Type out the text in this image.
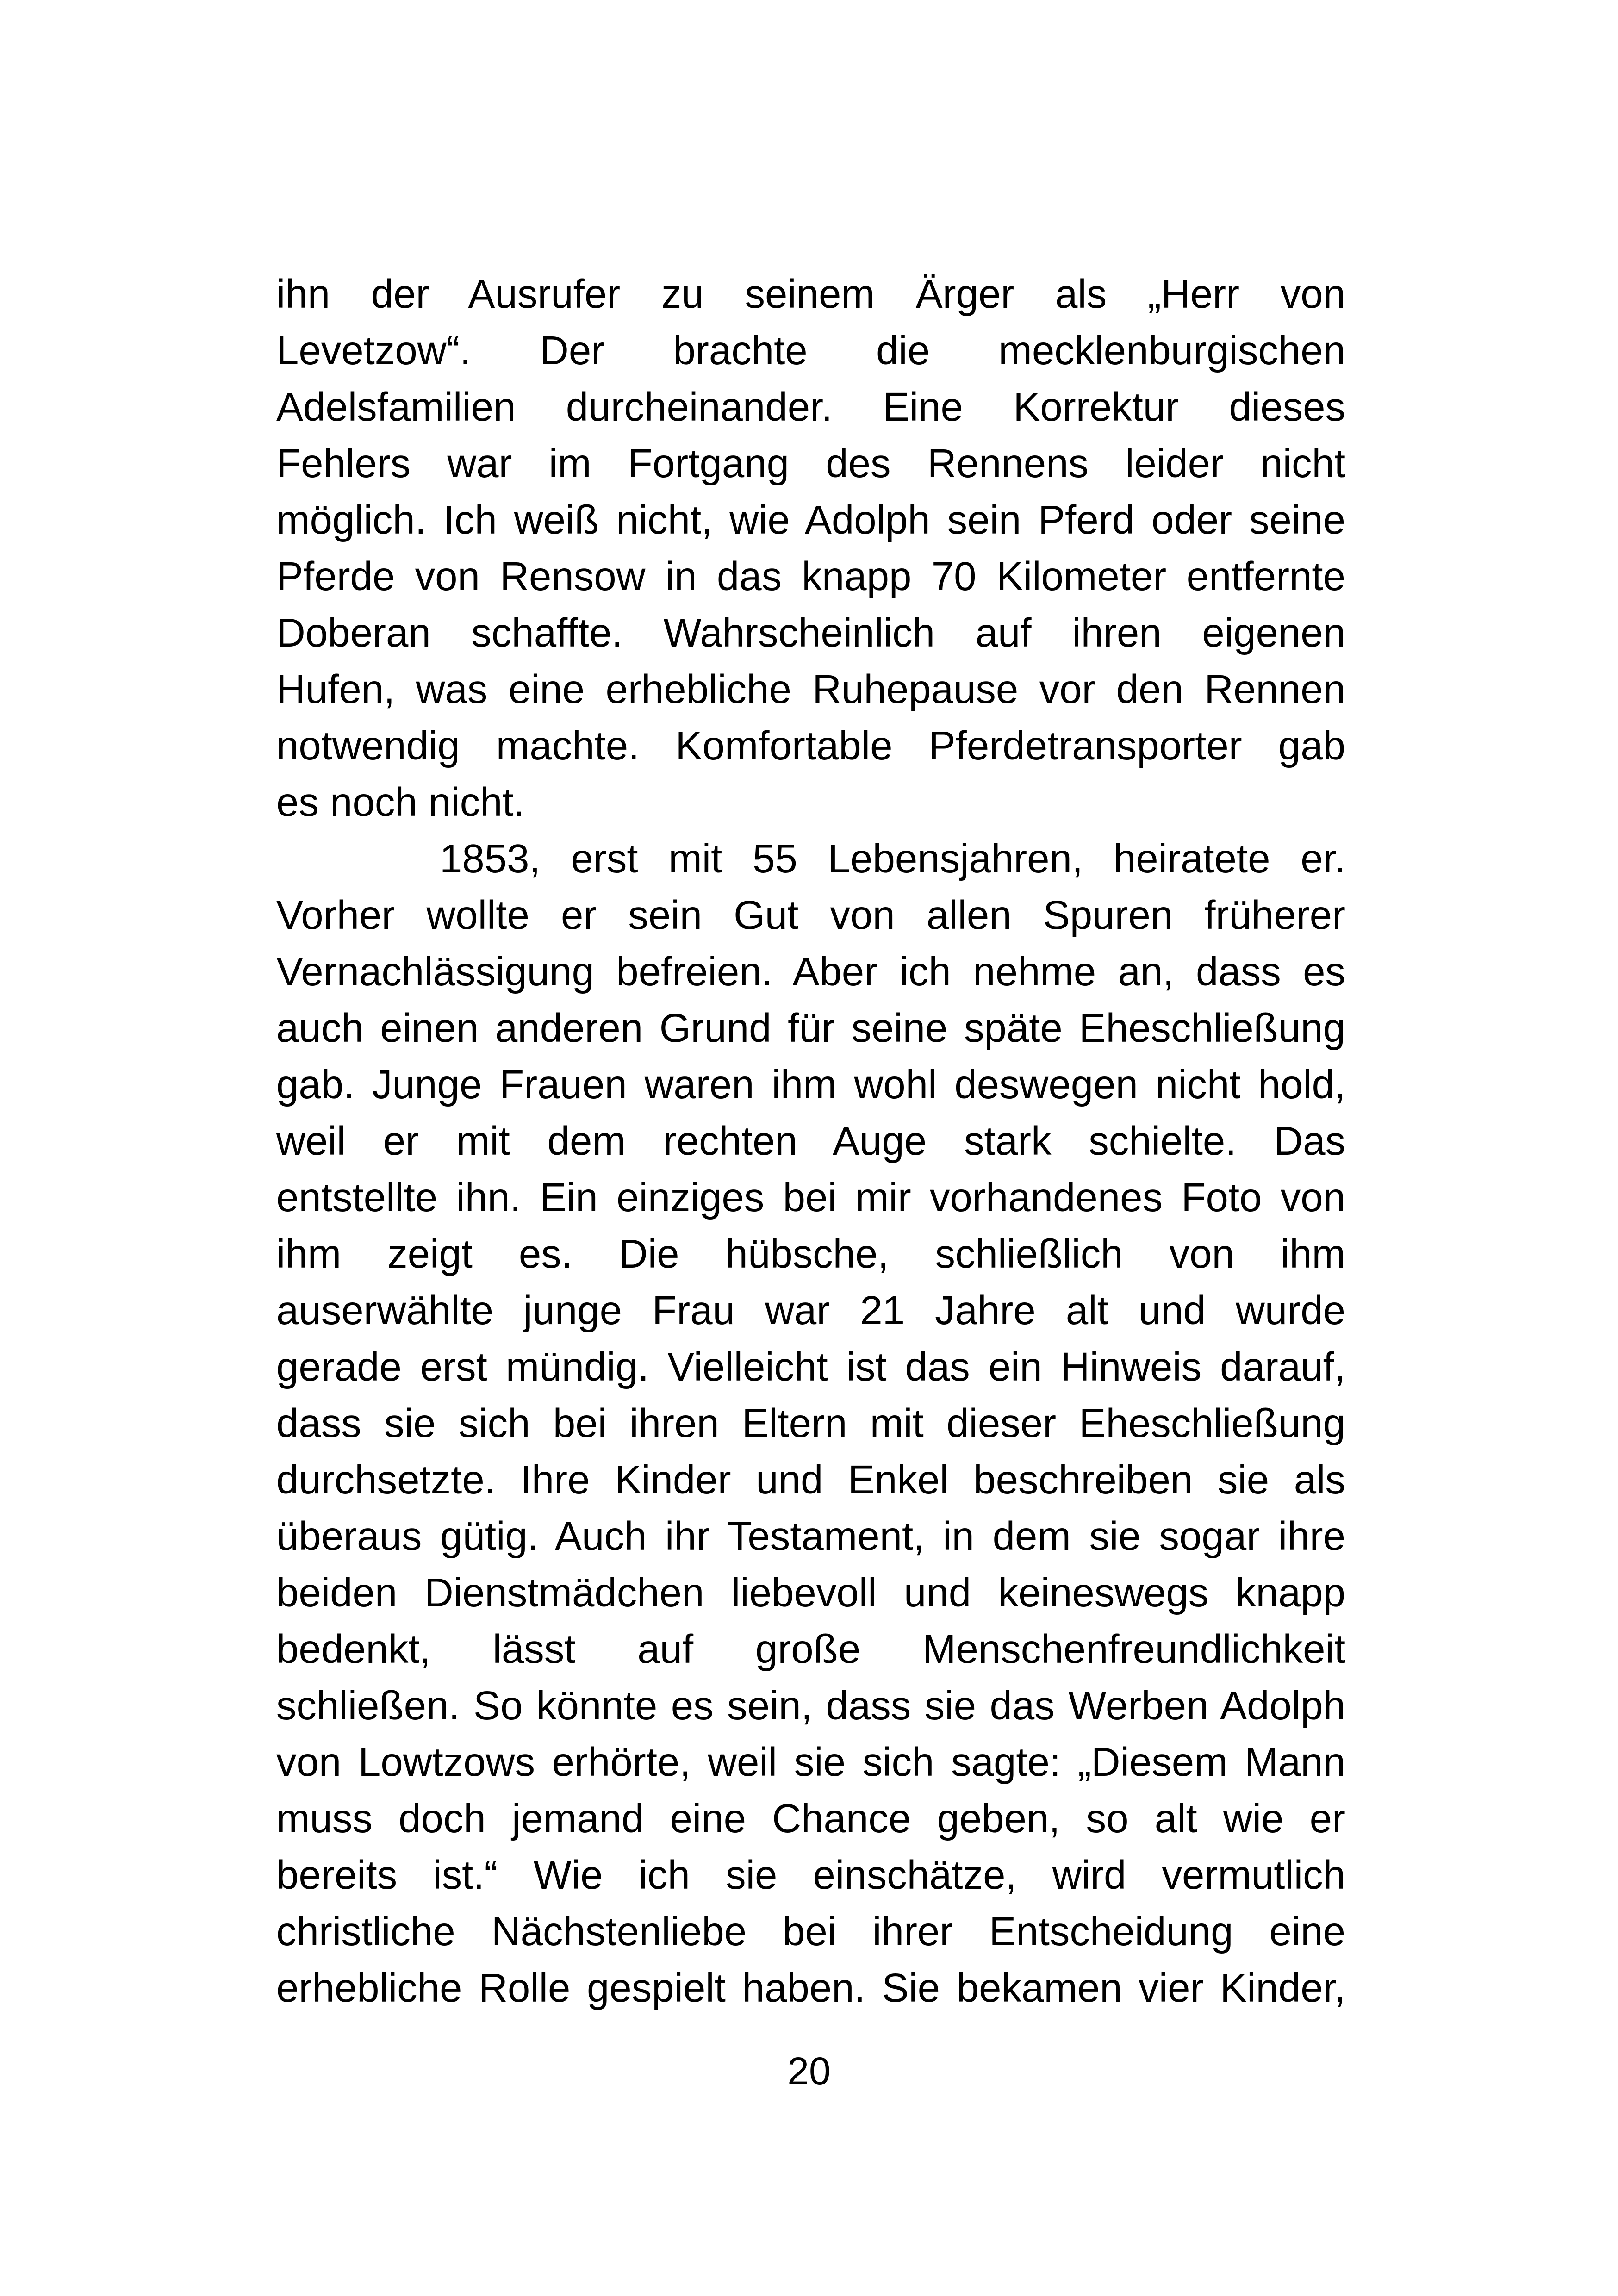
ihn der Ausrufer zu seinem Ärger als „Herr von
Levetzow“. Der brachte die mecklenburgischen
Adelsfamilien durcheinander. Eine Korrektur dieses
Fehlers war im Fortgang des Rennens leider nicht
möglich. Ich weiß nicht, wie Adolph sein Pferd oder seine
Pferde von Rensow in das knapp 70 Kilometer entfernte
Doberan schaffte. Wahrscheinlich auf ihren eigenen
Hufen, was eine erhebliche Ruhepause vor den Rennen
notwendig machte. Komfortable Pferdetransporter gab
es noch nicht.
1853, erst mit 55 Lebensjahren, heiratete er.
Vorher wollte er sein Gut von allen Spuren früherer
Vernachlässigung befreien. Aber ich nehme an, dass es
auch einen anderen Grund für seine späte Eheschließung
gab. Junge Frauen waren ihm wohl deswegen nicht hold,
weil er mit dem rechten Auge stark schielte. Das
entstellte ihn. Ein einziges bei mir vorhandenes Foto von
ihm zeigt es. Die hübsche, schließlich von ihm
auserwählte junge Frau war 21 Jahre alt und wurde
gerade erst mündig. Vielleicht ist das ein Hinweis darauf,
dass sie sich bei ihren Eltern mit dieser Eheschließung
durchsetzte. Ihre Kinder und Enkel beschreiben sie als
überaus gütig. Auch ihr Testament, in dem sie sogar ihre
beiden Dienstmädchen liebevoll und keineswegs knapp
bedenkt, lässt auf große Menschenfreundlichkeit
schließen. So könnte es sein, dass sie das Werben Adolph
von Lowtzows erhörte, weil sie sich sagte: „Diesem Mann
muss doch jemand eine Chance geben, so alt wie er
bereits ist.“ Wie ich sie einschätze, wird vermutlich
christliche Nächstenliebe bei ihrer Entscheidung eine
erhebliche Rolle gespielt haben. Sie bekamen vier Kinder,
20
